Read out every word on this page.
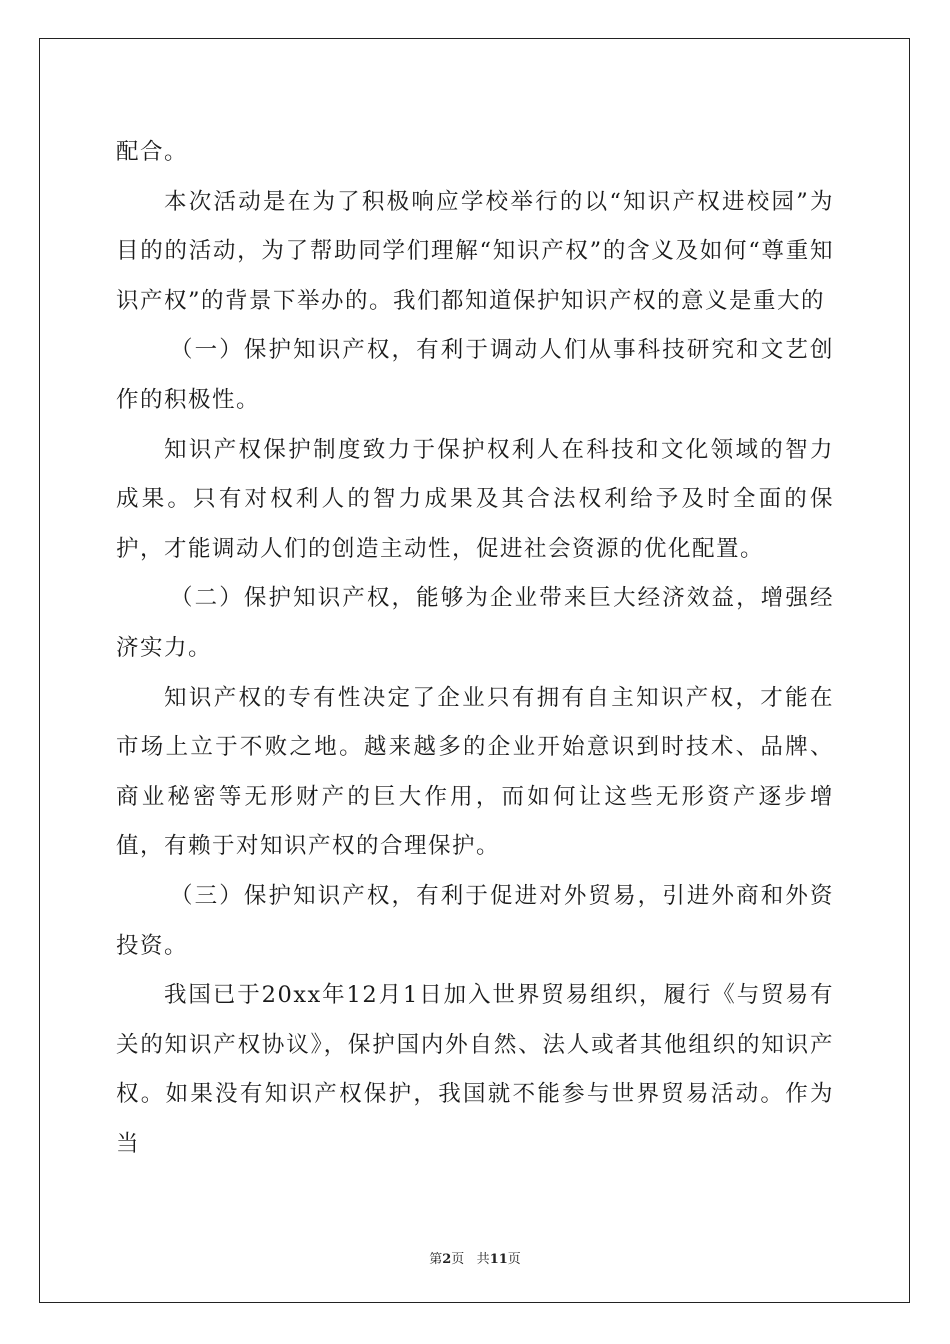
配合。

本次活动是在为了积极响应学校举行的以“知识产权进校园”为目的的活动，为了帮助同学们理解“知识产权”的含义及如何“尊重知识产权”的背景下举办的。我们都知道保护知识产权的意义是重大的

（一）保护知识产权，有利于调动人们从事科技研究和文艺创作的积极性。

知识产权保护制度致力于保护权利人在科技和文化领域的智力成果。只有对权利人的智力成果及其合法权利给予及时全面的保护，才能调动人们的创造主动性，促进社会资源的优化配置。

（二）保护知识产权，能够为企业带来巨大经济效益，增强经济实力。

知识产权的专有性决定了企业只有拥有自主知识产权，才能在市场上立于不败之地。越来越多的企业开始意识到时技术、品牌、商业秘密等无形财产的巨大作用，而如何让这些无形资产逐步增值，有赖于对知识产权的合理保护。

（三）保护知识产权，有利于促进对外贸易，引进外商和外资投资。

我国已于20xx年12月1日加入世界贸易组织，履行《与贸易有关的知识产权协议》，保护国内外自然、法人或者其他组织的知识产权。如果没有知识产权保护，我国就不能参与世界贸易活动。作为当

第2页 共11页
